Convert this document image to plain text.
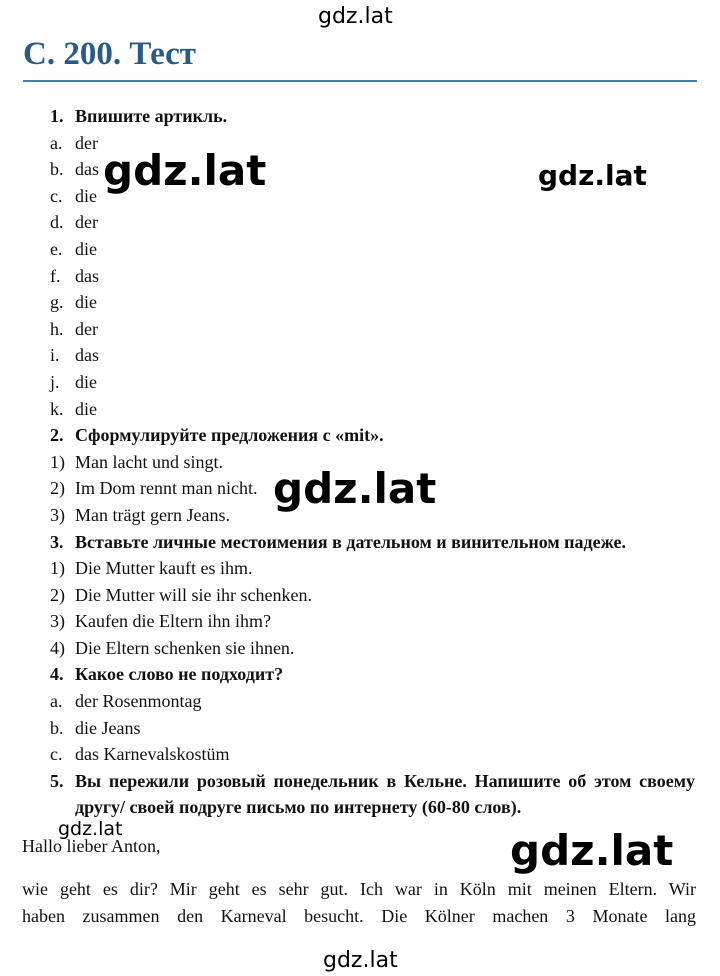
С. 200. Тест
1. Впишите артикль.
a. der
b. das
c. die
d. der
e. die
f. das
g. die
h. der
i. das
j. die
k. die
2. Сформулируйте предложения с «mit».
1) Man lacht und singt.
2) Im Dom rennt man nicht.
3) Man trägt gern Jeans.
3. Вставьте личные местоимения в дательном и винительном падеже.
1) Die Mutter kauft es ihm.
2) Die Mutter will sie ihr schenken.
3) Kaufen die Eltern ihn ihm?
4) Die Eltern schenken sie ihnen.
4. Какое слово не подходит?
a. der Rosenmontag
b. die Jeans
c. das Karnevalskostüm
5. Вы пережили розовый понедельник в Кельне. Напишите об этом своему другу/ своей подруге письмо по интернету (60-80 слов).
Hallo lieber Anton,
wie geht es dir? Mir geht es sehr gut. Ich war in Köln mit meinen Eltern. Wir
haben zusammen den Karneval besucht. Die Kölner machen 3 Monate lang
gdz.lat
gdz.lat	gdz.lat
gdz.lat
gdz.lat	gdz.lat
gdz.lat
